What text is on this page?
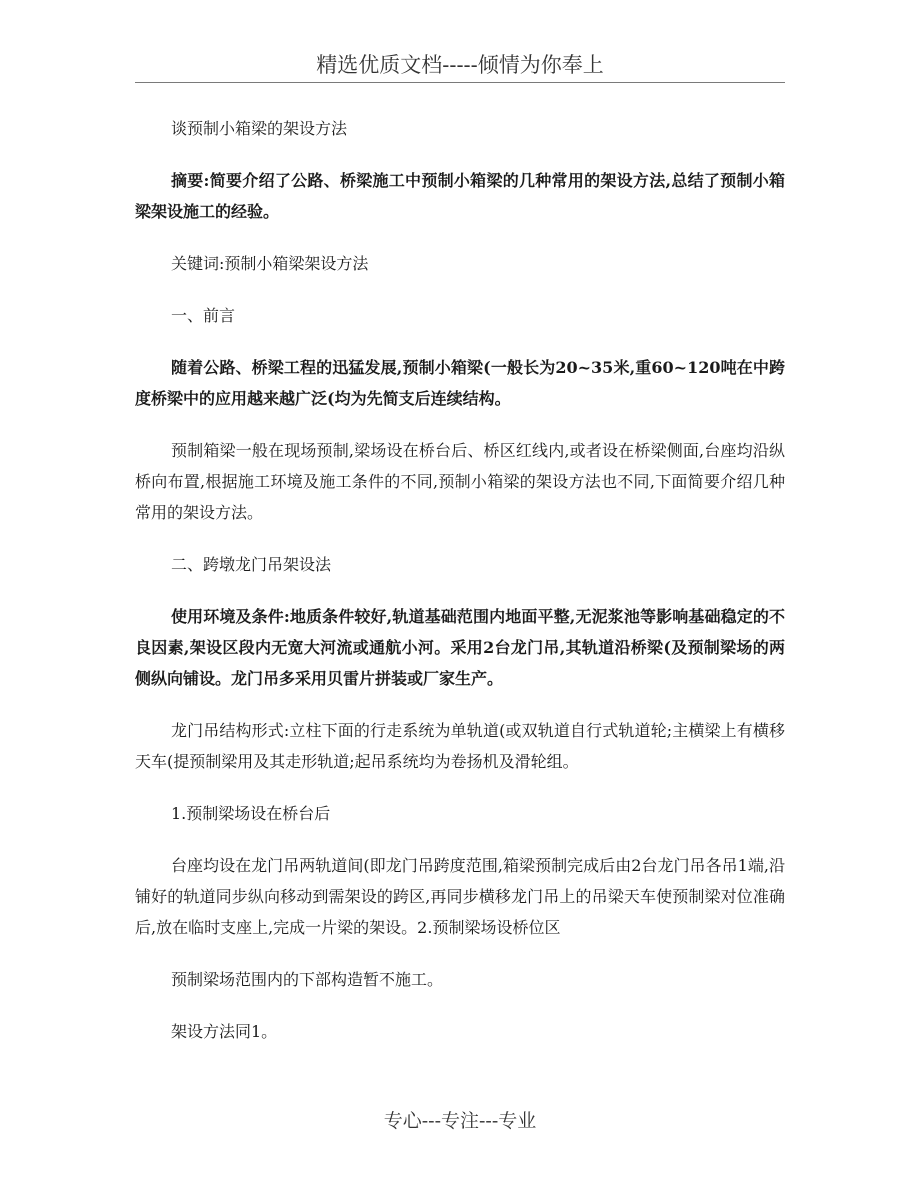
精选优质文档-----倾情为你奉上

谈预制小箱梁的架设方法

摘要:简要介绍了公路、桥梁施工中预制小箱梁的几种常用的架设方法,总结了预制小箱梁架设施工的经验。

关键词:预制小箱梁架设方法

一、前言

随着公路、桥梁工程的迅猛发展,预制小箱梁(一般长为20~35米,重60~120吨在中跨度桥梁中的应用越来越广泛(均为先简支后连续结构。

预制箱梁一般在现场预制,梁场设在桥台后、桥区红线内,或者设在桥梁侧面,台座均沿纵桥向布置,根据施工环境及施工条件的不同,预制小箱梁的架设方法也不同,下面简要介绍几种常用的架设方法。

二、跨墩龙门吊架设法

使用环境及条件:地质条件较好,轨道基础范围内地面平整,无泥浆池等影响基础稳定的不良因素,架设区段内无宽大河流或通航小河。采用2台龙门吊,其轨道沿桥梁(及预制梁场的两侧纵向铺设。龙门吊多采用贝雷片拼装或厂家生产。

龙门吊结构形式:立柱下面的行走系统为单轨道(或双轨道自行式轨道轮;主横梁上有横移天车(提预制梁用及其走形轨道;起吊系统均为卷扬机及滑轮组。

1.预制梁场设在桥台后

台座均设在龙门吊两轨道间(即龙门吊跨度范围,箱梁预制完成后由2台龙门吊各吊1端,沿铺好的轨道同步纵向移动到需架设的跨区,再同步横移龙门吊上的吊梁天车使预制梁对位准确后,放在临时支座上,完成一片梁的架设。2.预制梁场设桥位区

预制梁场范围内的下部构造暂不施工。

架设方法同1。

专心---专注---专业
